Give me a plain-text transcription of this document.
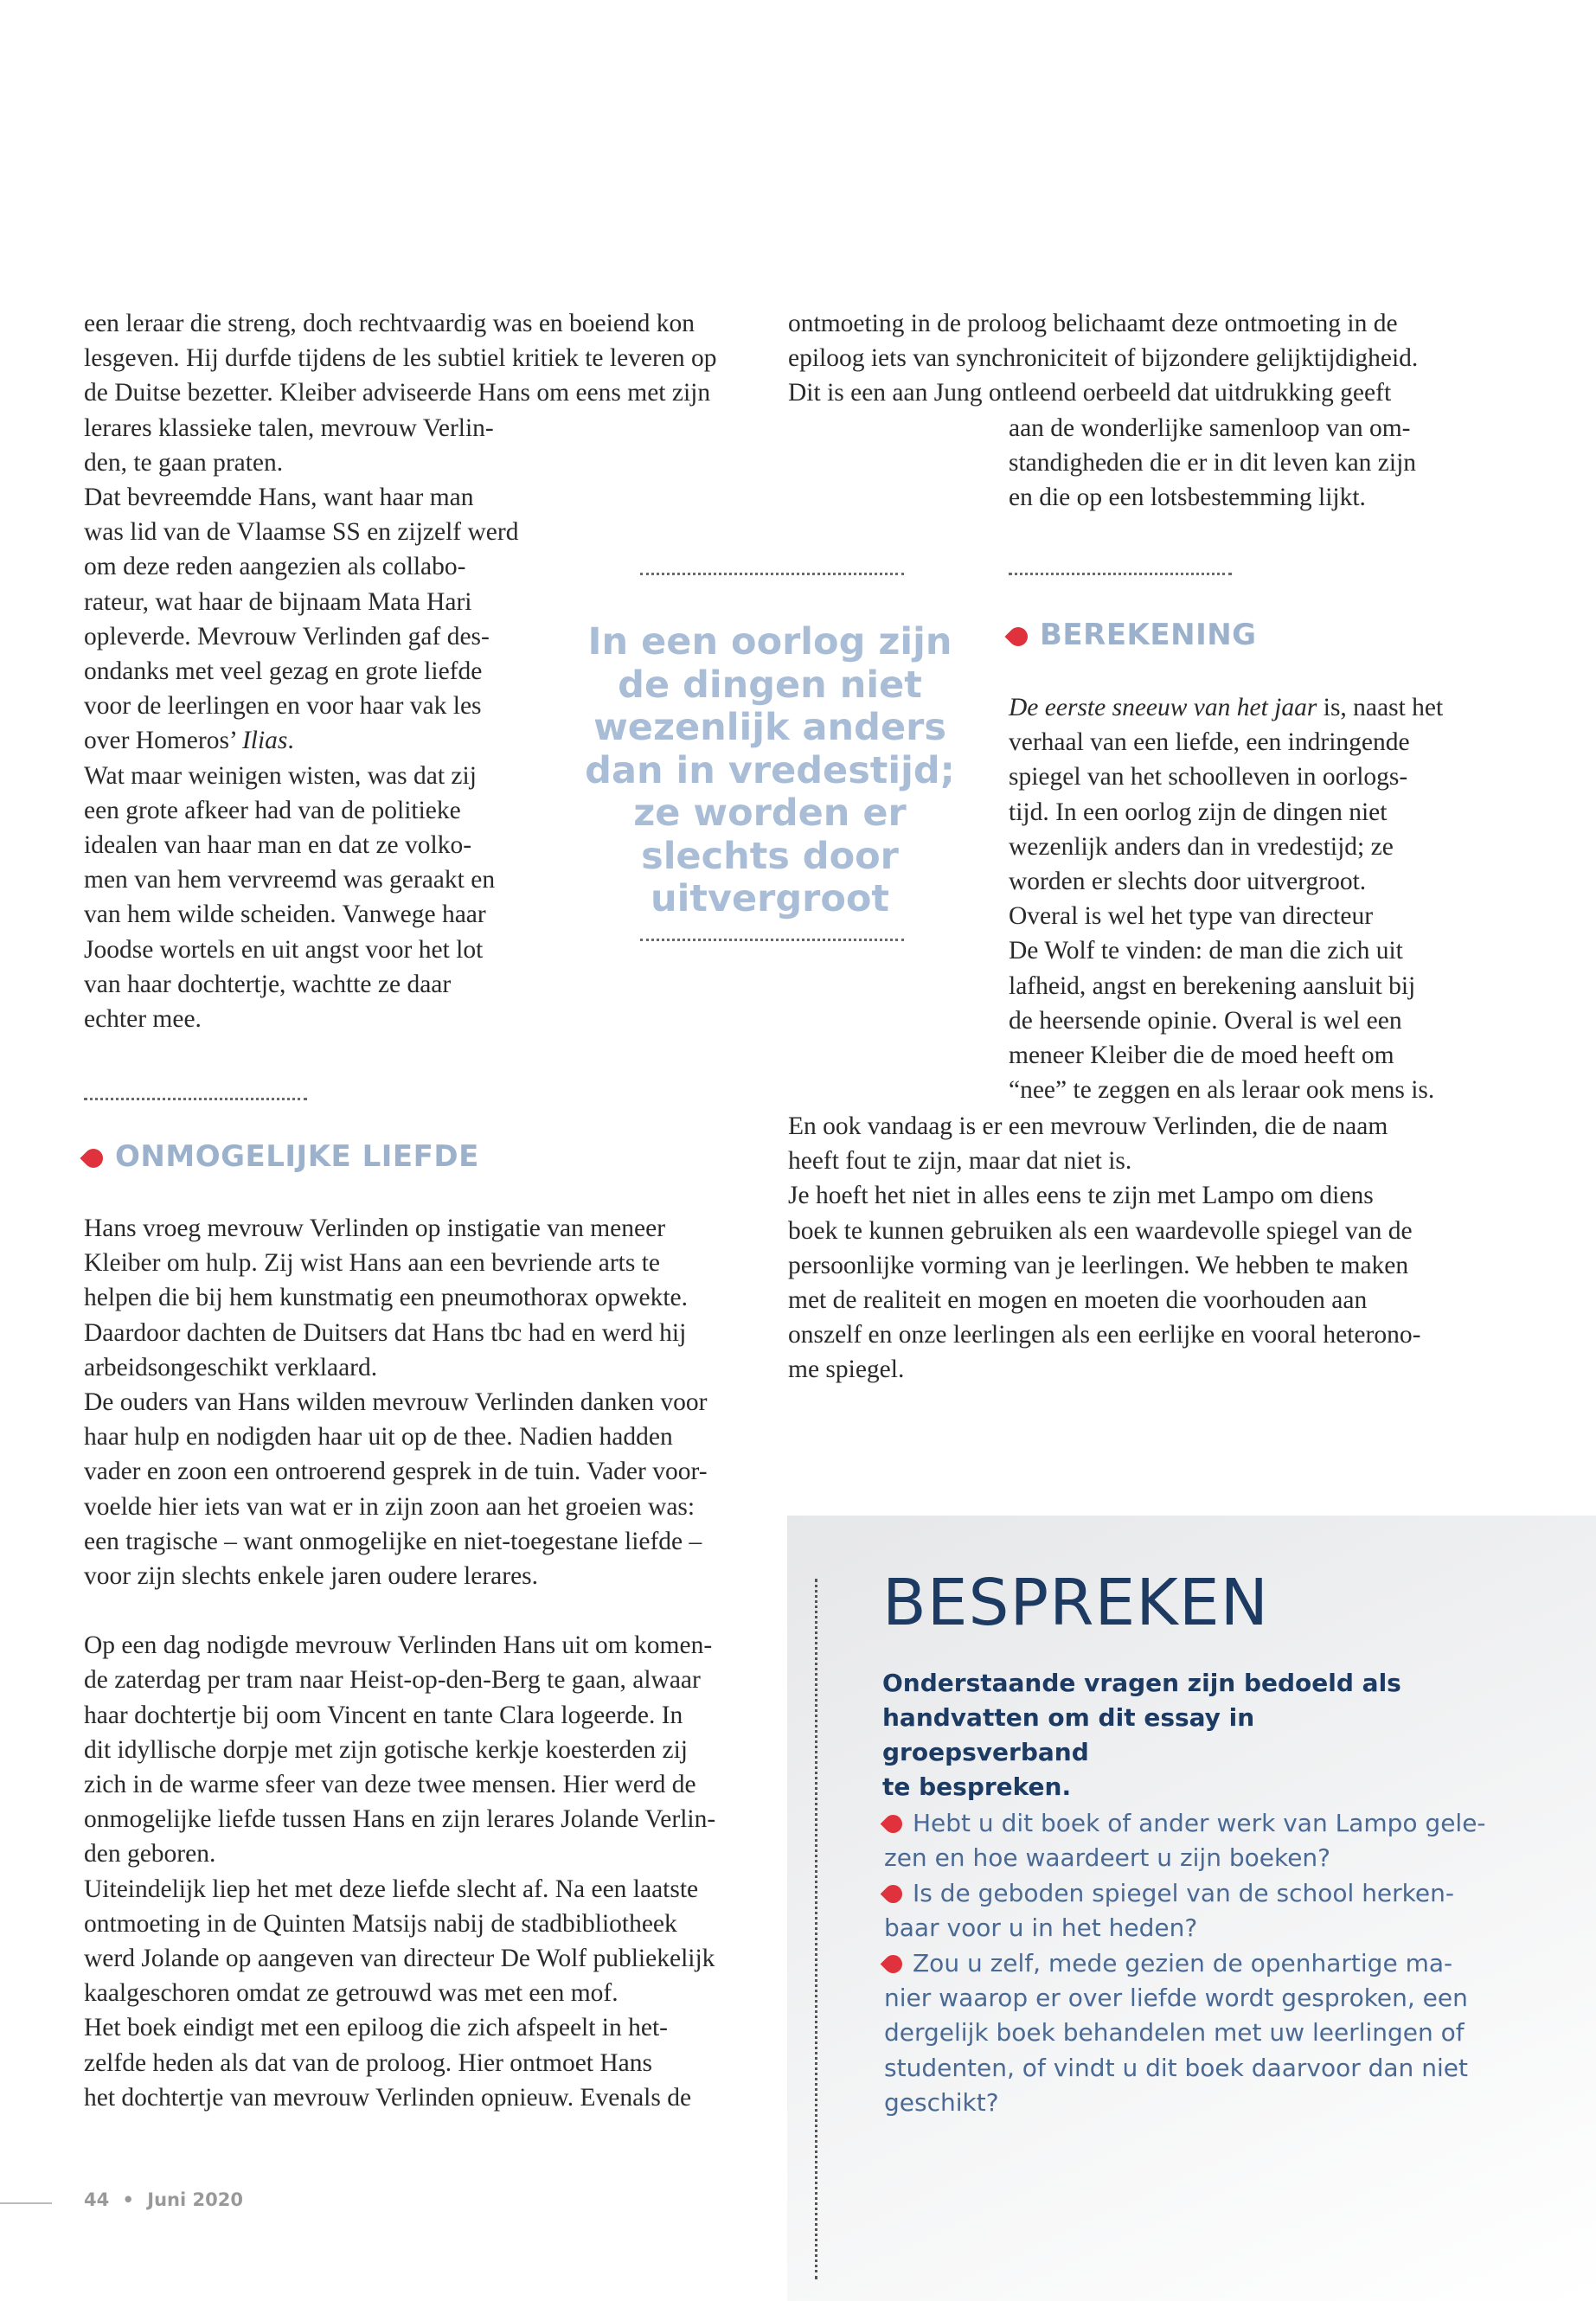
een leraar die streng, doch rechtvaardig was en boeiend kon
lesgeven. Hij durfde tijdens de les subtiel kritiek te leveren op
de Duitse bezetter. Kleiber adviseerde Hans om eens met zijn
lerares klassieke talen, mevrouw Verlin-
den, te gaan praten.
Dat bevreemdde Hans, want haar man
was lid van de Vlaamse SS en zijzelf werd
om deze reden aangezien als collabo-
rateur, wat haar de bijnaam Mata Hari
opleverde. Mevrouw Verlinden gaf des-
ondanks met veel gezag en grote liefde
voor de leerlingen en voor haar vak les
over Homeros’ Ilias.

Wat maar weinigen wisten, was dat zij
een grote afkeer had van de politieke
idealen van haar man en dat ze volko-
men van hem vervreemd was geraakt en
van hem wilde scheiden. Vanwege haar
Joodse wortels en uit angst voor het lot
van haar dochtertje, wachtte ze daar
echter mee.

ONMOGELIJKE LIEFDE

Hans vroeg mevrouw Verlinden op instigatie van meneer
Kleiber om hulp. Zij wist Hans aan een bevriende arts te
helpen die bij hem kunstmatig een pneumothorax opwekte.
Daardoor dachten de Duitsers dat Hans tbc had en werd hij
arbeidsongeschikt verklaard.
De ouders van Hans wilden mevrouw Verlinden danken voor
haar hulp en nodigden haar uit op de thee. Nadien hadden
vader en zoon een ontroerend gesprek in de tuin. Vader voor-
voelde hier iets van wat er in zijn zoon aan het groeien was:
een tragische – want onmogelijke en niet-toegestane liefde –
voor zijn slechts enkele jaren oudere lerares.

Op een dag nodigde mevrouw Verlinden Hans uit om komen-
de zaterdag per tram naar Heist-op-den-Berg te gaan, alwaar
haar dochtertje bij oom Vincent en tante Clara logeerde. In
dit idyllische dorpje met zijn gotische kerkje koesterden zij
zich in de warme sfeer van deze twee mensen. Hier werd de
onmogelijke liefde tussen Hans en zijn lerares Jolande Verlin-
den geboren.
Uiteindelijk liep het met deze liefde slecht af. Na een laatste
ontmoeting in de Quinten Matsijs nabij de stadbibliotheek
werd Jolande op aangeven van directeur De Wolf publiekelijk
kaalgeschoren omdat ze getrouwd was met een mof.
Het boek eindigt met een epiloog die zich afspeelt in het-
zelfde heden als dat van de proloog. Hier ontmoet Hans
het dochtertje van mevrouw Verlinden opnieuw. Evenals de

ontmoeting in de proloog belichaamt deze ontmoeting in de
epiloog iets van synchroniciteit of bijzondere gelijktijdigheid.
Dit is een aan Jung ontleend oerbeeld dat uitdrukking geeft

aan de wonderlijke samenloop van om-
standigheden die er in dit leven kan zijn
en die op een lotsbestemming lijkt.

In een oorlog zijn de dingen niet wezenlijk anders dan in vredestijd; ze worden er slechts door uitvergroot
BEREKENING

De eerste sneeuw van het jaar is, naast het
verhaal van een liefde, een indringende
spiegel van het schoolleven in oorlogs-
tijd. In een oorlog zijn de dingen niet
wezenlijk anders dan in vredestijd; ze
worden er slechts door uitvergroot.
Overal is wel het type van directeur
De Wolf te vinden: de man die zich uit
lafheid, angst en berekening aansluit bij
de heersende opinie. Overal is wel een
meneer Kleiber die de moed heeft om
“nee” te zeggen en als leraar ook mens is.

En ook vandaag is er een mevrouw Verlinden, die de naam
heeft fout te zijn, maar dat niet is.
Je hoeft het niet in alles eens te zijn met Lampo om diens
boek te kunnen gebruiken als een waardevolle spiegel van de
persoonlijke vorming van je leerlingen. We hebben te maken
met de realiteit en mogen en moeten die voorhouden aan
onszelf en onze leerlingen als een eerlijke en vooral heterono-
me spiegel.
BESPREKEN
Onderstaande vragen zijn bedoeld als
handvatten om dit essay in groepsverband
te bespreken.
Hebt u dit boek of ander werk van Lampo gele-
zen en hoe waardeert u zijn boeken?
Is de geboden spiegel van de school herken-
baar voor u in het heden?
Zou u zelf, mede gezien de openhartige ma-
nier waarop er over liefde wordt gesproken, een
dergelijk boek behandelen met uw leerlingen of
studenten, of vindt u dit boek daarvoor dan niet
geschikt?
44 • Juni 2020
